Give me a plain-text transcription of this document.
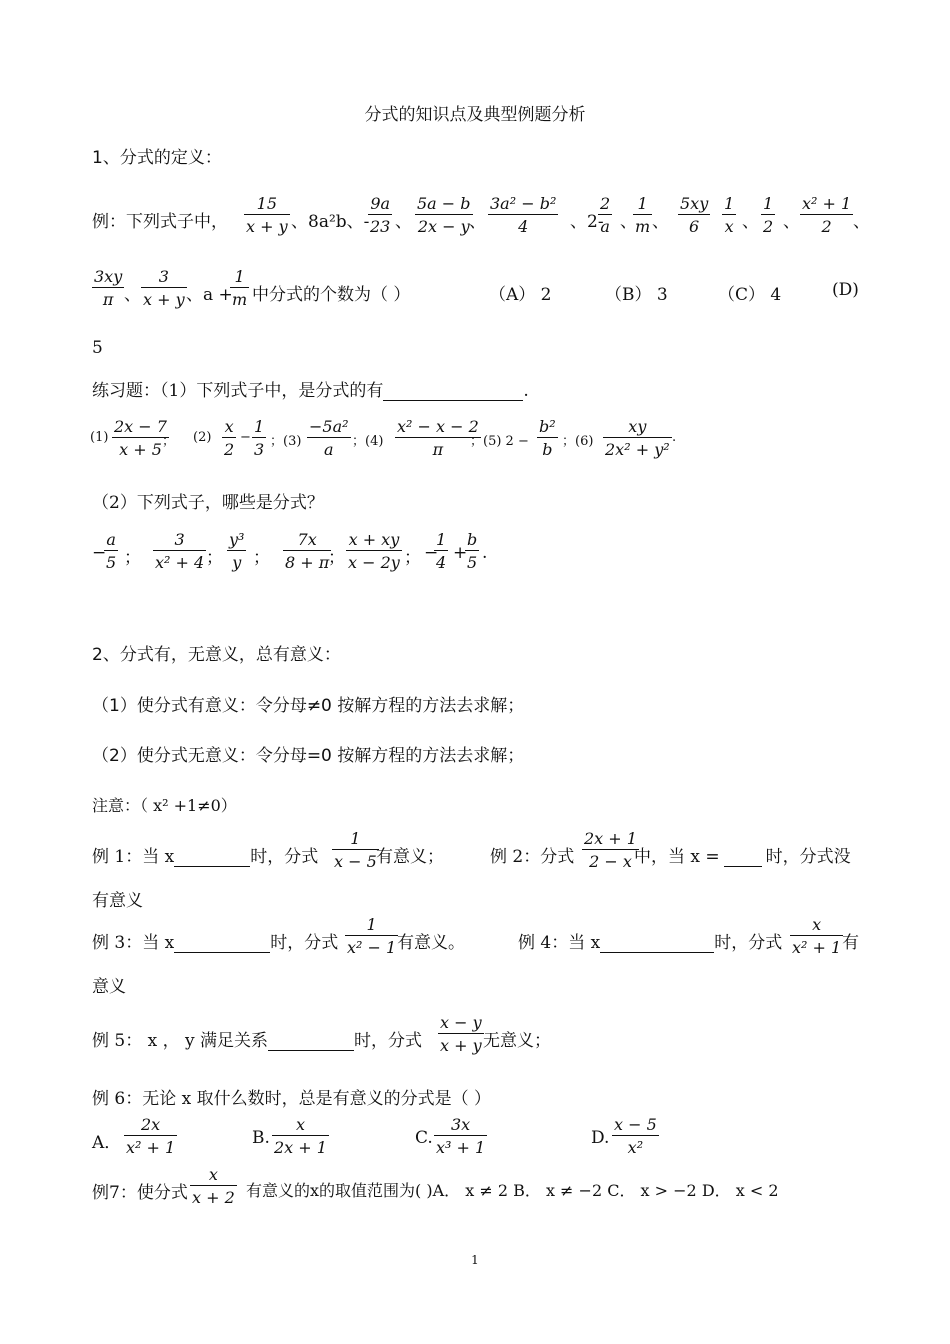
分式的知识点及典型例题分析
1、分式的定义：
例：下列式子中， $\frac{15}{x + y}$ 、8a²b、-
$\frac{9a}{23}$ 、 $\frac{5a - b}{2x - y}$
、 $\frac{\text{3a² − b²}}{4}$ 、2-
$\frac{2}{a}$ 、
$\frac{1}{m}$ 、 $\frac{5xy}{6} \frac{1}{x}$ 、 $\frac{1}{2}$ 、 $\frac{\text{x² + 1}}{2}$ 、
$\frac{3xy}{\pi} \frac{3}{x + y}$	$\frac{1}{m}$
、	、a + 中分式的个数为（ ）	（A） 2	（B） 3	（C） 4	(D)
5
练习题：（1）下列式子中，是分式的有	.
$(1) \frac{2x - 7}{x + 5}$
； $(2) \frac{x}{2} - \frac{1}{3}$ ；$(3) \frac{\text{−5a²}}{a}$ ；$(4) \frac{\text{x² − x − 2}}{\pi}$
；(5) $2 - \frac{\text{b²}}{b}$ ；$(6) \frac{xy}{\text{2x² + y²}}$ .
（2）下列式子，哪些是分式？
−
$\frac{a}{5}$ ； $\frac{3}{\text{x² + 4}}$ ； $\frac{\text{y³}}{y}$ ； $\frac{7x}{8 + \pi}$
； $\frac{x + xy}{x - 2y}$ ； −
$\frac{1}{4}$ +
$\frac{b}{5}$ .
2、分式有，无意义，总有意义：
（1）使分式有意义：令分母≠0 按解方程的方法去求解；
（2）使分式无意义：令分母=0 按解方程的方法去求解；
注意：（ x² +1≠0）
例 1：当 x	时，分式 $\frac{1}{x - 5}$
有意义；	例 2：分式 $\frac{2x + 1}{2 - x}$
中，当 x =	时，分式没
有意义
例 3：当 x	时，分式 $\frac{1}{\text{x² − 1}}$
有意义。	例 4：当 x	时，分式 $\frac{x}{\text{x² + 1}}$
有
意义
例 5： x ， y 满足关系	时，分式 $\frac{x - y}{x + y}$ 无意义；
例 6：无论 x 取什么数时，总是有意义的分式是（ ）
A． $\frac{2x}{\text{x² + 1}}$	B. $\frac{x}{2x + 1}$	C. $\frac{3x}{\text{x³ + 1}}$	D. $\frac{x - 5}{\text{x²}}$
例7：使分式 $\frac{x}{x + 2}$ 有意义的x的取值范围为( )A． x ≠ 2 B． x ≠ −2 C． x > −2 D． x < 2
1
